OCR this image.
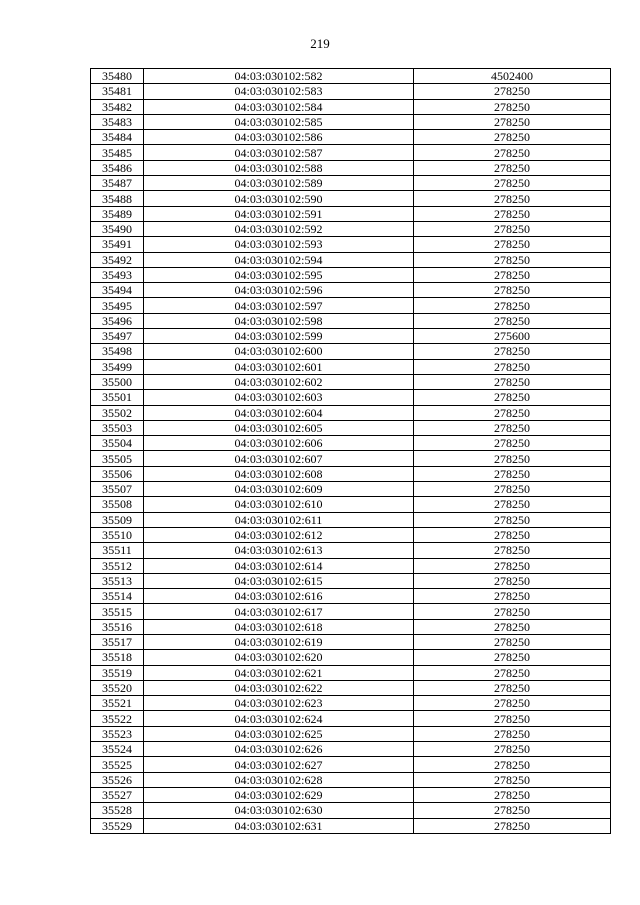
219
35480	04:03:030102:582	4502400
35481	04:03:030102:583	278250
35482	04:03:030102:584	278250
35483	04:03:030102:585	278250
35484	04:03:030102:586	278250
35485	04:03:030102:587	278250
35486	04:03:030102:588	278250
35487	04:03:030102:589	278250
35488	04:03:030102:590	278250
35489	04:03:030102:591	278250
35490	04:03:030102:592	278250
35491	04:03:030102:593	278250
35492	04:03:030102:594	278250
35493	04:03:030102:595	278250
35494	04:03:030102:596	278250
35495	04:03:030102:597	278250
35496	04:03:030102:598	278250
35497	04:03:030102:599	275600
35498	04:03:030102:600	278250
35499	04:03:030102:601	278250
35500	04:03:030102:602	278250
35501	04:03:030102:603	278250
35502	04:03:030102:604	278250
35503	04:03:030102:605	278250
35504	04:03:030102:606	278250
35505	04:03:030102:607	278250
35506	04:03:030102:608	278250
35507	04:03:030102:609	278250
35508	04:03:030102:610	278250
35509	04:03:030102:611	278250
35510	04:03:030102:612	278250
35511	04:03:030102:613	278250
35512	04:03:030102:614	278250
35513	04:03:030102:615	278250
35514	04:03:030102:616	278250
35515	04:03:030102:617	278250
35516	04:03:030102:618	278250
35517	04:03:030102:619	278250
35518	04:03:030102:620	278250
35519	04:03:030102:621	278250
35520	04:03:030102:622	278250
35521	04:03:030102:623	278250
35522	04:03:030102:624	278250
35523	04:03:030102:625	278250
35524	04:03:030102:626	278250
35525	04:03:030102:627	278250
35526	04:03:030102:628	278250
35527	04:03:030102:629	278250
35528	04:03:030102:630	278250
35529	04:03:030102:631	278250
